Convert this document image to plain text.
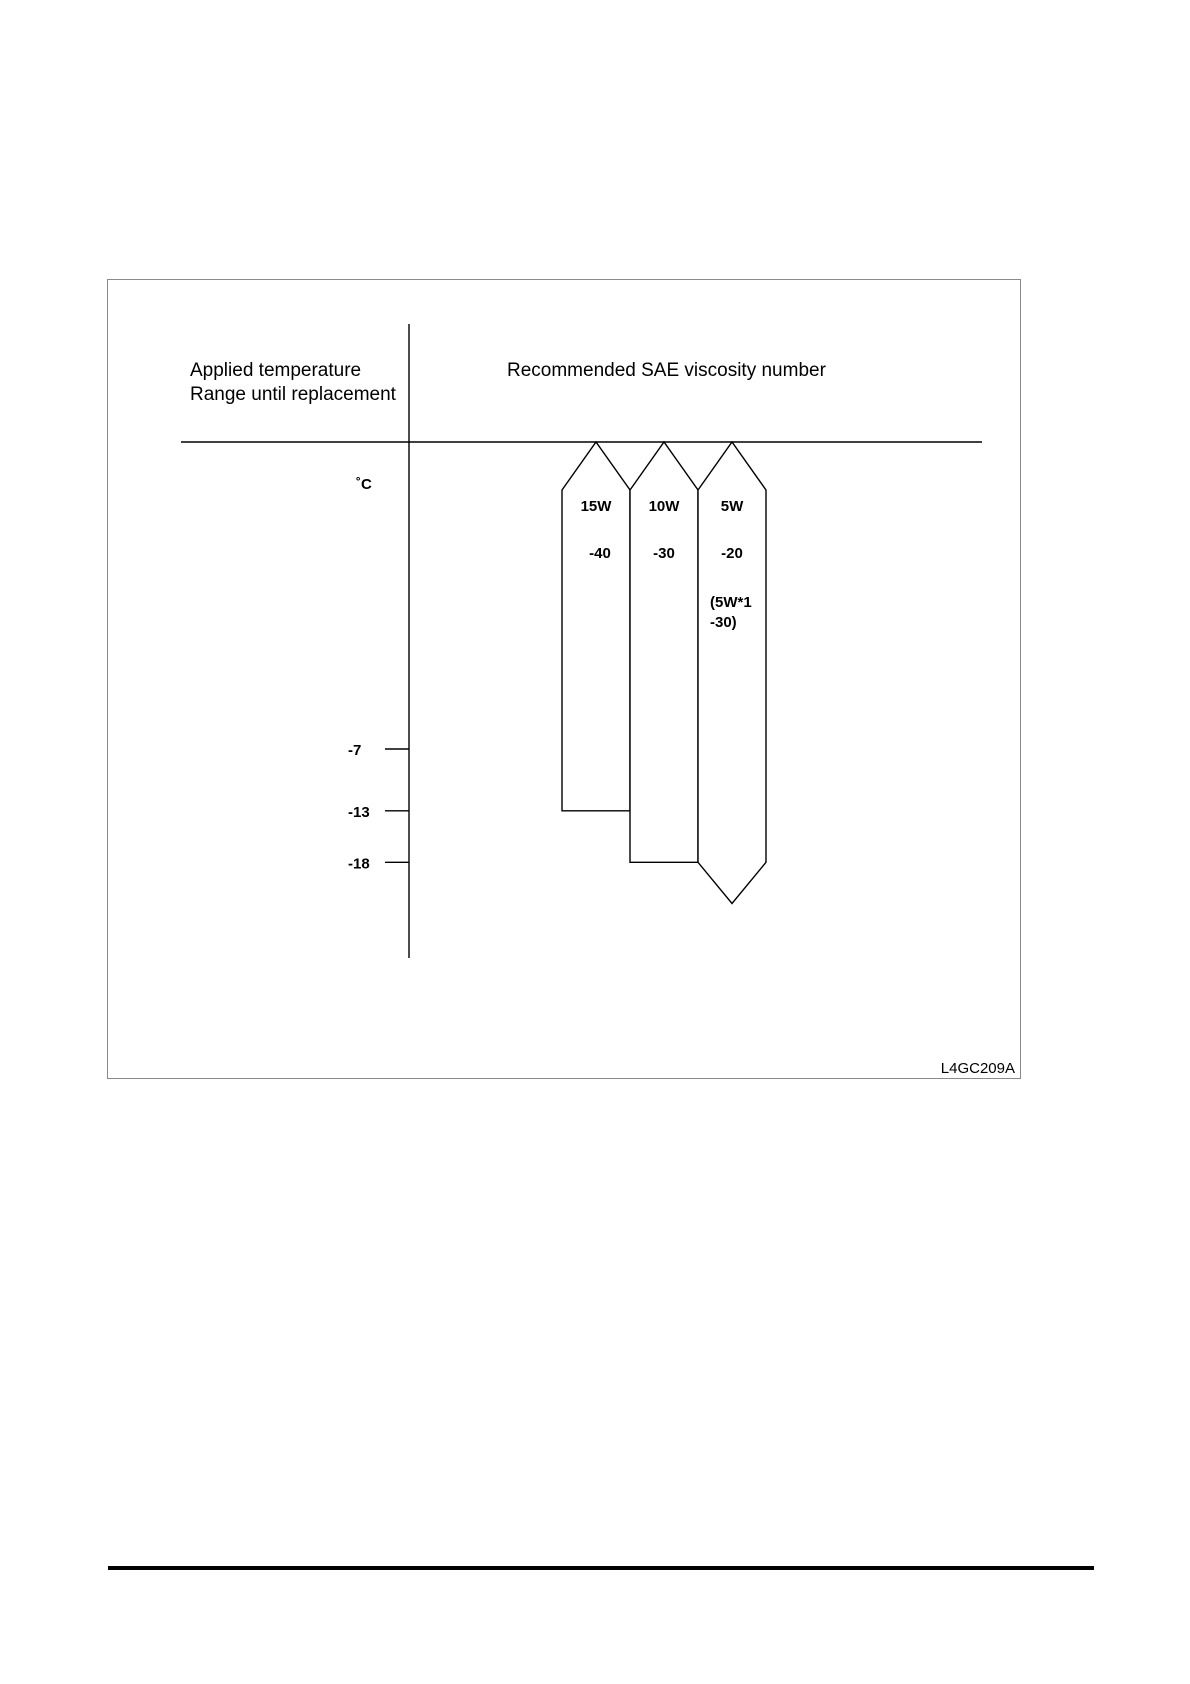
Applied temperature
Range until replacement
Recommended SAE viscosity number
˚C
-7
-13
-18
15W
-40
10W
-30
5W
-20
(5W*1
-30)
L4GC209A
